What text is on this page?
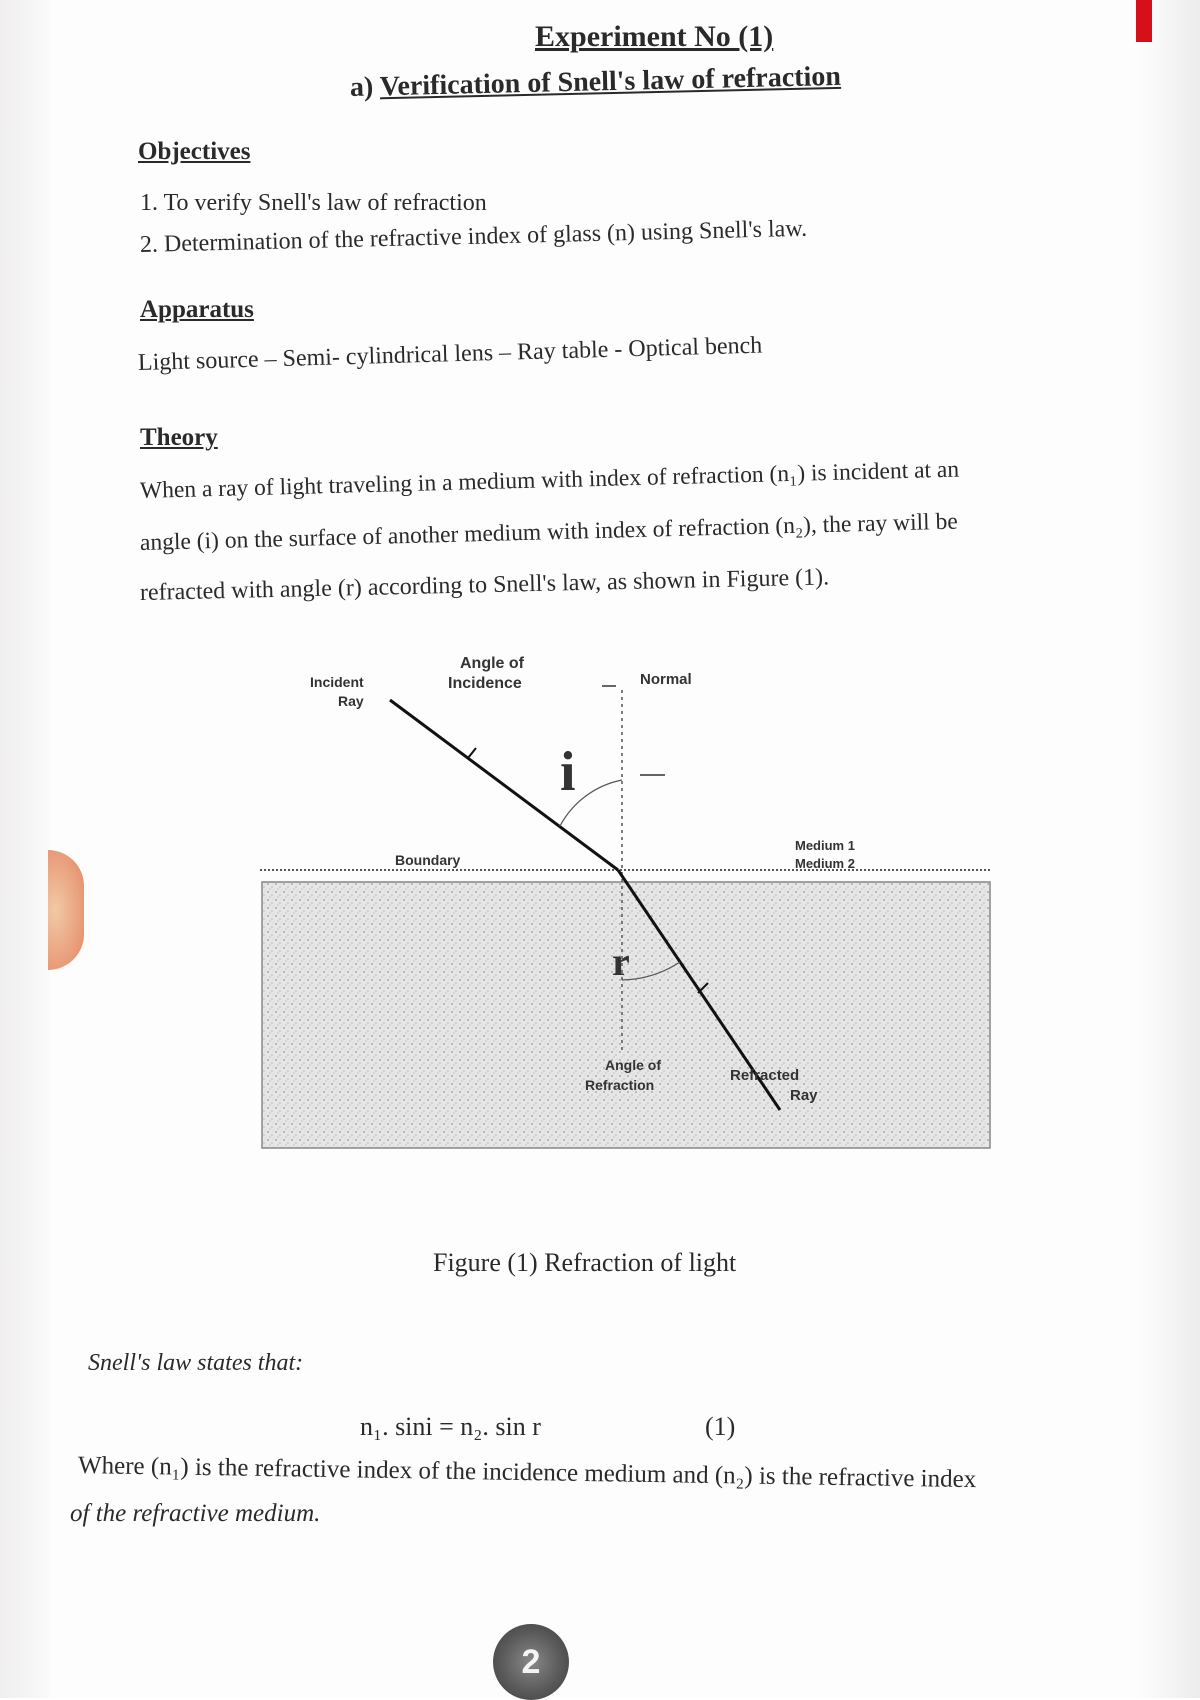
Experiment No (1)
a) Verification of Snell's law of refraction
Objectives
1. To verify Snell's law of refraction
2. Determination of the refractive index of glass (n) using Snell's law.
Apparatus
Light source – Semi- cylindrical lens – Ray table - Optical bench
Theory
When a ray of light traveling in a medium with index of refraction (n₁) is incident at an
angle (i) on the surface of another medium with index of refraction (n₂), the ray will be
refracted with angle (r) according to Snell's law, as shown in Figure (1).
Incident
Ray
Angle of
Incidence	Normal
i
Boundary
Medium 1
Medium 2
r
Angle of
Refraction
Refracted
Ray
Figure (1) Refraction of light
Snell's law states that:
n₁. sini = n₂. sin r	(1)
Where (n₁) is the refractive index of the incidence medium and (n₂) is the refractive index
of the refractive medium.
2
